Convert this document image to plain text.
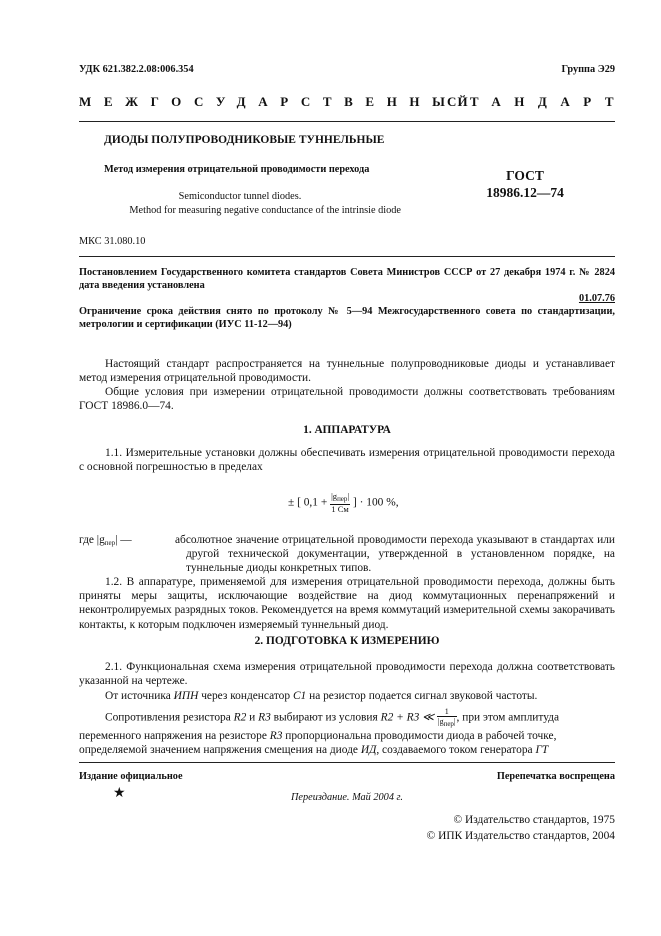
УДК 621.382.2.08:006.354	Группа Э29
МЕЖГОСУДАРСТВЕННЫЙ
СТАНДАРТ
ДИОДЫ ПОЛУПРОВОДНИКОВЫЕ ТУННЕЛЬНЫЕ
Метод измерения отрицательной проводимости перехода
Semiconductor tunnel diodes.
Method for measuring negative conductance of the intrinsie diode
ГОСТ
18986.12—74
МКС 31.080.10
Постановлением Государственного комитета стандартов Совета Министров СССР от 27 декабря 1974 г. № 2824 дата введения установлена
01.07.76
Ограничение срока действия снято по протоколу № 5—94 Межгосударственного совета по стандартизации, метрологии и сертификации (ИУС 11-12—94)
Настоящий стандарт распространяется на туннельные полупроводниковые диоды и устанавливает метод измерения отрицательной проводимости.
Общие условия при измерении отрицательной проводимости должны соответствовать требованиям ГОСТ 18986.0—74.
1. АППАРАТУРА
1.1. Измерительные установки должны обеспечивать измерения отрицательной проводимости перехода с основной погрешностью в пределах
± [ $0,1 + \frac{|g_{пер}|}{1 См}$ ] · 100 %,
где $|g_{пер}|$ —	абсолютное значение отрицательной проводимости перехода указывают в стандартах или другой технической документации, утвержденной в установленном порядке, на туннельные диоды конкретных типов.
1.2. В аппаратуре, применяемой для измерения отрицательной проводимости перехода, должны быть приняты меры защиты, исключающие воздействие на диод коммутационных перенапряжений и неконтролируемых разрядных токов. Рекомендуется на время коммутаций измерительной схемы закорачивать контакты, к которым подключен измеряемый туннельный диод.
2. ПОДГОТОВКА К ИЗМЕРЕНИЮ
2.1. Функциональная схема измерения отрицательной проводимости перехода должна соответствовать указанной на чертеже.
От источника ИПН через конденсатор С1 на резистор подается сигнал звуковой частоты.
Сопротивления резистора R2 и R3 выбирают из условия R2 + R3 ≪ $\frac{1}{\text{|gпер|}}$ , при этом амплитуда
переменного напряжения на резисторе R3 пропорциональна проводимости диода в рабочей точке,
определяемой значением напряжения смещения на диоде ИД, создаваемого током генератора ГТ
Издание официальное	Перепечатка воспрещена
★	Переиздание. Май 2004 г.
© Издательство стандартов, 1975
© ИПК Издательство стандартов, 2004
